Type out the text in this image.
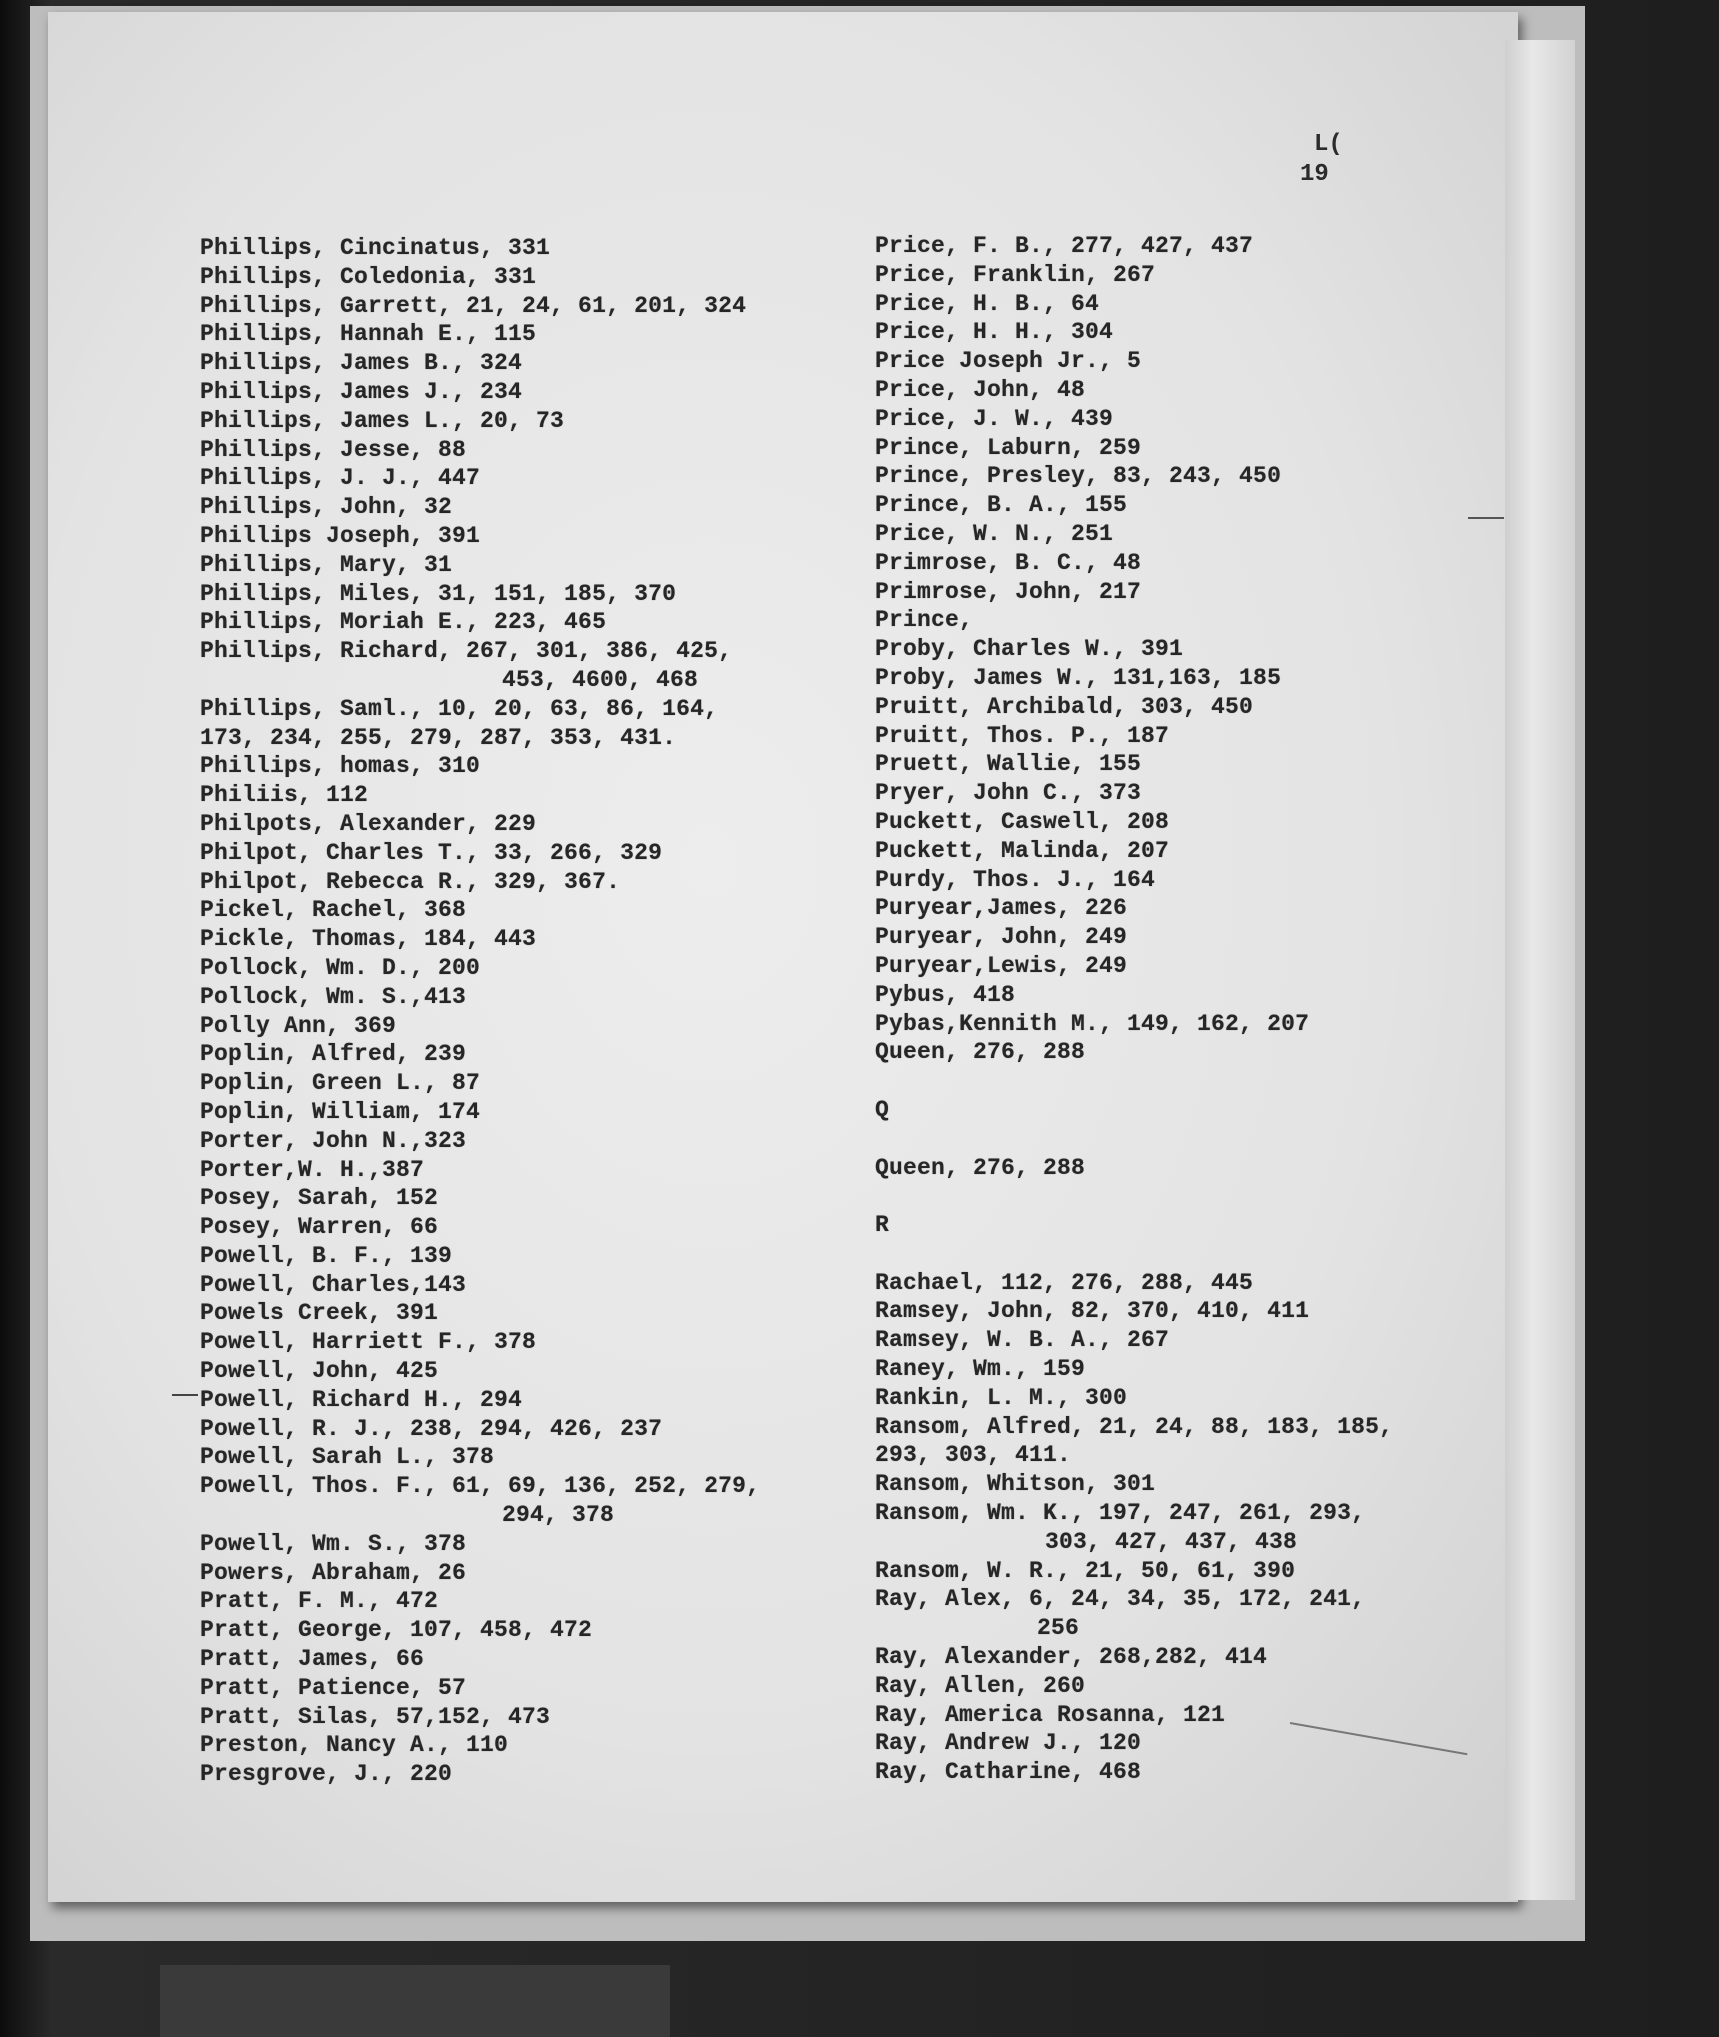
L(
19
Phillips, Cincinatus, 331
Phillips, Coledonia, 331
Phillips, Garrett, 21, 24, 61, 201, 324
Phillips, Hannah E., 115
Phillips, James B., 324
Phillips, James J., 234
Phillips, James L., 20, 73
Phillips, Jesse, 88
Phillips, J. J., 447
Phillips, John, 32
Phillips Joseph, 391
Phillips, Mary, 31
Phillips, Miles, 31, 151, 185, 370
Phillips, Moriah E., 223, 465
Phillips, Richard, 267, 301, 386, 425,
453, 4600, 468
Phillips, Saml., 10, 20, 63, 86, 164,
173, 234, 255, 279, 287, 353, 431.
Phillips, homas, 310
Philiis, 112
Philpots, Alexander, 229
Philpot, Charles T., 33, 266, 329
Philpot, Rebecca R., 329, 367.
Pickel, Rachel, 368
Pickle, Thomas, 184, 443
Pollock, Wm. D., 200
Pollock, Wm. S.,413
Polly Ann, 369
Poplin, Alfred, 239
Poplin, Green L., 87
Poplin, William, 174
Porter, John N.,323
Porter,W. H.,387
Posey, Sarah, 152
Posey, Warren, 66
Powell, B. F., 139
Powell, Charles,143
Powels Creek, 391
Powell, Harriett F., 378
Powell, John, 425
Powell, Richard H., 294
Powell, R. J., 238, 294, 426, 237
Powell, Sarah L., 378
Powell, Thos. F., 61, 69, 136, 252, 279,
294, 378
Powell, Wm. S., 378
Powers, Abraham, 26
Pratt, F. M., 472
Pratt, George, 107, 458, 472
Pratt, James, 66
Pratt, Patience, 57
Pratt, Silas, 57,152, 473
Preston, Nancy A., 110
Presgrove, J., 220
Price, F. B., 277, 427, 437
Price, Franklin, 267
Price, H. B., 64
Price, H. H., 304
Price Joseph Jr., 5
Price, John, 48
Price, J. W., 439
Prince, Laburn, 259
Prince, Presley, 83, 243, 450
Prince, B. A., 155
Price, W. N., 251
Primrose, B. C., 48
Primrose, John, 217
Prince,
Proby, Charles W., 391
Proby, James W., 131,163, 185
Pruitt, Archibald, 303, 450
Pruitt, Thos. P., 187
Pruett, Wallie, 155
Pryer, John C., 373
Puckett, Caswell, 208
Puckett, Malinda, 207
Purdy, Thos. J., 164
Puryear,James, 226
Puryear, John, 249
Puryear,Lewis, 249
Pybus, 418
Pybas,Kennith M., 149, 162, 207
Queen, 276, 288
Q
Queen, 276, 288
R
Rachael, 112, 276, 288, 445
Ramsey, John, 82, 370, 410, 411
Ramsey, W. B. A., 267
Raney, Wm., 159
Rankin, L. M., 300
Ransom, Alfred, 21, 24, 88, 183, 185,
293, 303, 411.
Ransom, Whitson, 301
Ransom, Wm. K., 197, 247, 261, 293,
303, 427, 437, 438
Ransom, W. R., 21, 50, 61, 390
Ray, Alex, 6, 24, 34, 35, 172, 241,
256
Ray, Alexander, 268,282, 414
Ray, Allen, 260
Ray, America Rosanna, 121
Ray, Andrew J., 120
Ray, Catharine, 468
